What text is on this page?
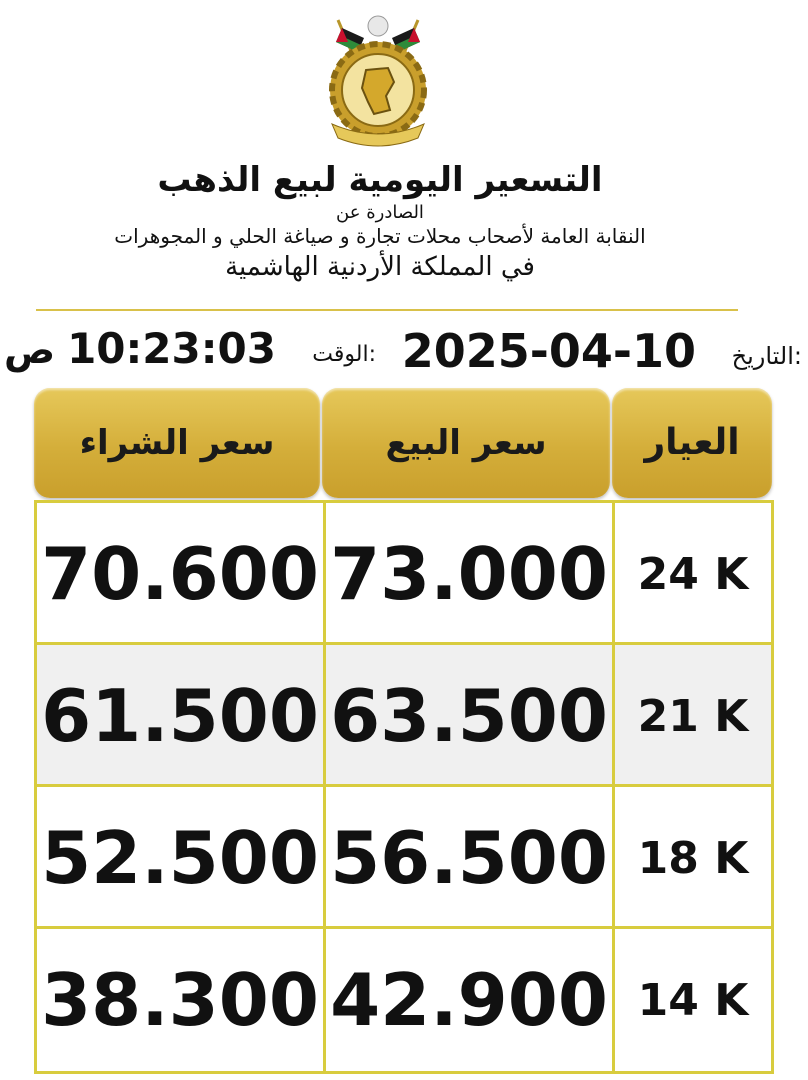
التسعير اليومية لبيع الذهب
الصادرة عن
النقابة العامة لأصحاب محلات تجارة و صياغة الحلي و المجوهرات
في المملكة الأردنية الهاشمية
التاريخ:
2025-04-10
الوقت:
10:23:03
ص
العيار
سعر البيع
سعر الشراء
70.600 73.000 24 K
61.500 63.500 21 K
52.500 56.500 18 K
38.300 42.900 14 K
